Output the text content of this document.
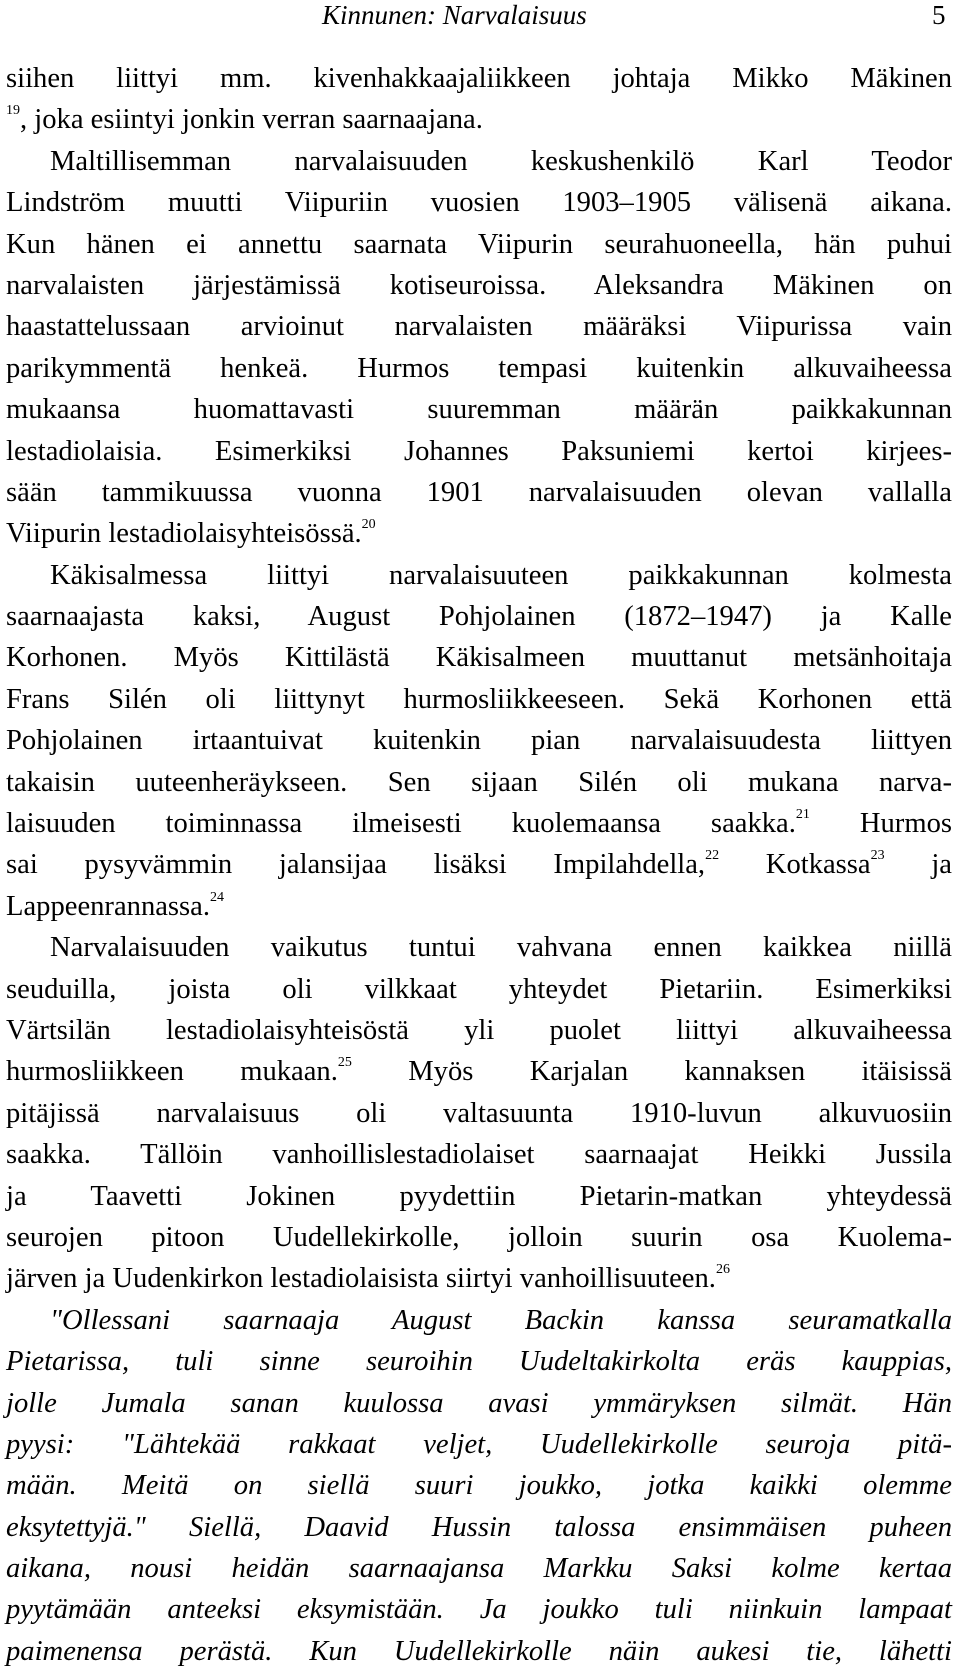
Kinnunen: Narvalaisuus	5
siihen liittyi mm. kivenhakkaajaliikkeen johtaja Mikko Mäkinen
$^{19}$, joka esiintyi jonkin verran saarnaajana.
Maltillisemman narvalaisuuden keskushenkilö Karl Teodor
Lindström muutti Viipuriin vuosien 1903–1905 välisenä aikana.
Kun hänen ei annettu saarnata Viipurin seurahuoneella, hän puhui
narvalaisten järjestämissä kotiseuroissa. Aleksandra Mäkinen on
haastattelussaan arvioinut narvalaisten määräksi Viipurissa vain
parikymmentä henkeä. Hurmos tempasi kuitenkin alkuvaiheessa
mukaansa huomattavasti suuremman määrän paikkakunnan
lestadiolaisia. Esimerkiksi Johannes Paksuniemi kertoi kirjees-
sään tammikuussa vuonna 1901 narvalaisuuden olevan vallalla
Viipurin lestadiolaisyhteisössä.$^{20}$
Käkisalmessa liittyi narvalaisuuteen paikkakunnan kolmesta
saarnaajasta kaksi, August Pohjolainen (1872–1947) ja Kalle
Korhonen. Myös Kittilästä Käkisalmeen muuttanut metsänhoitaja
Frans Silén oli liittynyt hurmosliikkeeseen. Sekä Korhonen että
Pohjolainen irtaantuivat kuitenkin pian narvalaisuudesta liittyen
takaisin uuteenheräykseen. Sen sijaan Silén oli mukana narva-
laisuuden toiminnassa ilmeisesti kuolemaansa saakka.$^{21}$ Hurmos
sai pysyvämmin jalansijaa lisäksi Impilahdella,$^{22}$ Kotkassa$^{23}$ ja
Lappeenrannassa.$^{24}$
Narvalaisuuden vaikutus tuntui vahvana ennen kaikkea niillä
seuduilla, joista oli vilkkaat yhteydet Pietariin. Esimerkiksi
Värtsilän lestadiolaisyhteisöstä yli puolet liittyi alkuvaiheessa
hurmosliikkeen mukaan.$^{25}$ Myös Karjalan kannaksen itäisissä
pitäjissä narvalaisuus oli valtasuunta 1910-luvun alkuvuosiin
saakka. Tällöin vanhoillislestadiolaiset saarnaajat Heikki Jussila
ja Taavetti Jokinen pyydettiin Pietarin-matkan yhteydessä
seurojen pitoon Uudellekirkolle, jolloin suurin osa Kuolema-
järven ja Uudenkirkon lestadiolaisista siirtyi vanhoillisuuteen.$^{26}$
"Ollessani saarnaaja August Backin kanssa seuramatkalla
Pietarissa, tuli sinne seuroihin Uudeltakirkolta eräs kauppias,
jolle Jumala sanan kuulossa avasi ymmäryksen silmät. Hän
pyysi: "Lähtekää rakkaat veljet, Uudellekirkolle seuroja pitä-
mään. Meitä on siellä suuri joukko, jotka kaikki olemme
eksytettyjä." Siellä, Daavid Hussin talossa ensimmäisen puheen
aikana, nousi heidän saarnaajansa Markku Saksi kolme kertaa
pyytämään anteeksi eksymistään. Ja joukko tuli niinkuin lampaat
paimenensa perästä. Kun Uudellekirkolle näin aukesi tie, lähetti
